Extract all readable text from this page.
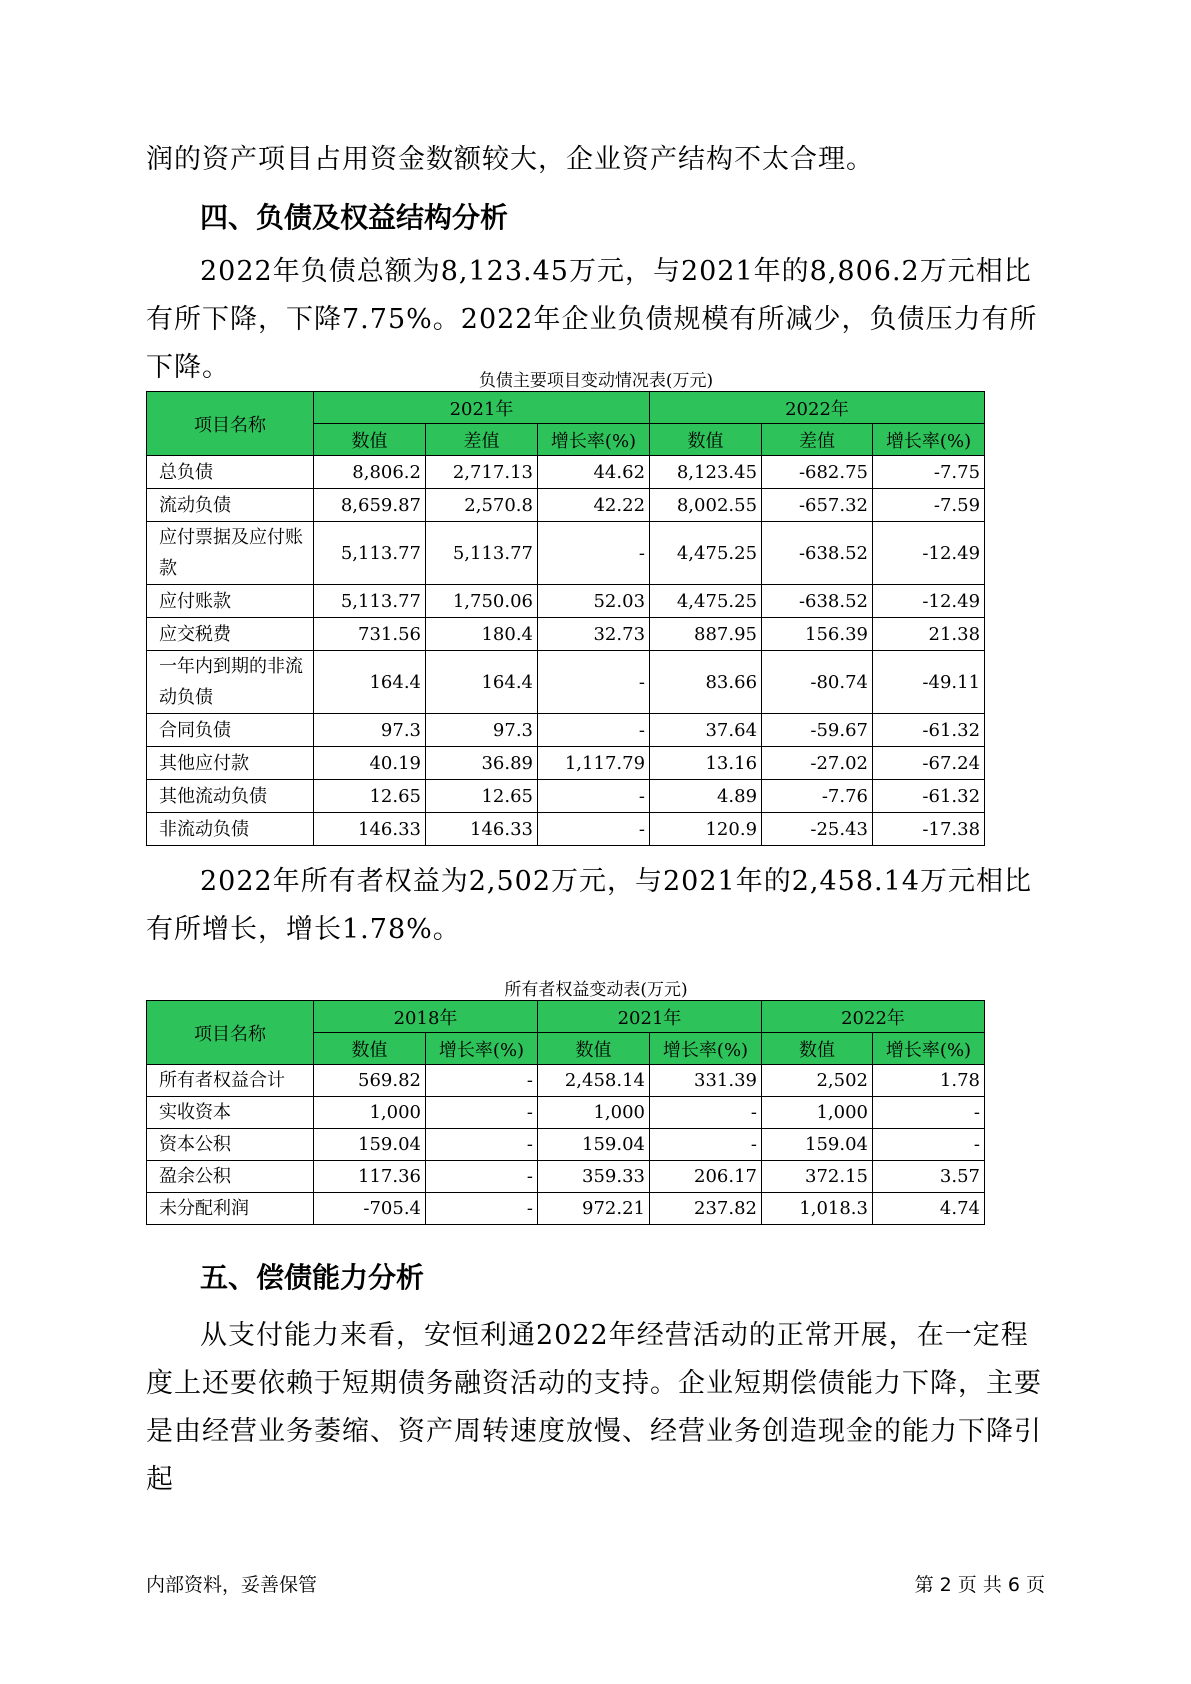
润的资产项目占用资金数额较大，企业资产结构不太合理。

四、负债及权益结构分析

2022年负债总额为8,123.45万元，与2021年的8,806.2万元相比有所下降，下降7.75%。2022年企业负债规模有所减少，负债压力有所下降。	负债主要项目变动情况表(万元)

项目名称	2021年			2022年		
	数值	差值	增长率(%)	数值	差值	增长率(%)
总负债	8,806.2	2,717.13	44.62	8,123.45	-682.75	-7.75
流动负债	8,659.87	2,570.8	42.22	8,002.55	-657.32	-7.59
应付票据及应付账款	5,113.77	5,113.77	-	4,475.25	-638.52	-12.49
应付账款	5,113.77	1,750.06	52.03	4,475.25	-638.52	-12.49
应交税费	731.56	180.4	32.73	887.95	156.39	21.38
一年内到期的非流动负债	164.4	164.4	-	83.66	-80.74	-49.11
合同负债	97.3	97.3	-	37.64	-59.67	-61.32
其他应付款	40.19	36.89	1,117.79	13.16	-27.02	-67.24
其他流动负债	12.65	12.65	-	4.89	-7.76	-61.32
非流动负债	146.33	146.33	-	120.9	-25.43	-17.38

2022年所有者权益为2,502万元，与2021年的2,458.14万元相比有所增长，增长1.78%。

所有者权益变动表(万元)

项目名称	2018年		2021年		2022年	
	数值	增长率(%)	数值	增长率(%)	数值	增长率(%)
所有者权益合计	569.82	-	2,458.14	331.39	2,502	1.78
实收资本	1,000	-	1,000	-	1,000	-
资本公积	159.04	-	159.04	-	159.04	-
盈余公积	117.36	-	359.33	206.17	372.15	3.57
未分配利润	-705.4	-	972.21	237.82	1,018.3	4.74
五、偿债能力分析

从支付能力来看，安恒利通2022年经营活动的正常开展，在一定程度上还要依赖于短期债务融资活动的支持。企业短期偿债能力下降，主要是由经营业务萎缩、资产周转速度放慢、经营业务创造现金的能力下降引起

内部资料，妥善保管	第 2 页 共 6 页
